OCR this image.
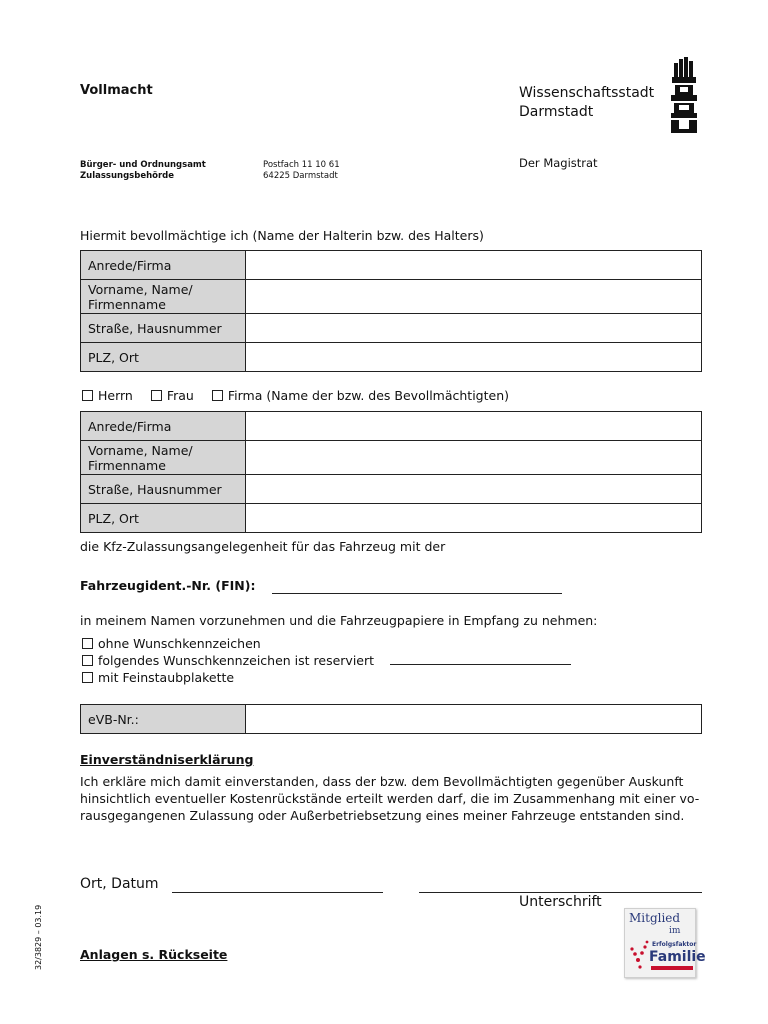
Vollmacht	Wissenschaftsstadt
Darmstadt
Bürger- und Ordnungsamt
Zulassungsbehörde
Postfach 11 10 61
64225 Darmstadt
Der Magistrat
Hiermit bevollmächtige ich (Name der Halterin bzw. des Halters)
Anrede/Firma	

Vorname, Name/
Firmenname	

Straße, Hausnummer	
PLZ, Ort	
Herrn	Frau	Firma (Name der bzw. des Bevollmächtigten)
Anrede/Firma	

Vorname, Name/
Firmenname	

Straße, Hausnummer	
PLZ, Ort	
die Kfz-Zulassungsangelegenheit für das Fahrzeug mit der
Fahrzeugident.-Nr. (FIN):
in meinem Namen vorzunehmen und die Fahrzeugpapiere in Empfang zu nehmen:
ohne Wunschkennzeichen
folgendes Wunschkennzeichen ist reserviert
mit Feinstaubplakette
eVB-Nr.:	
Einverständniserklärung
Ich erkläre mich damit einverstanden, dass der bzw. dem Bevollmächtigten gegenüber Auskunft
hinsichtlich eventueller Kostenrückstände erteilt werden darf, die im Zusammenhang mit einer vo-
rausgegangenen Zulassung oder Außerbetriebsetzung eines meiner Fahrzeuge entstanden sind.
Ort, Datum
Unterschrift
32/3829 – 03.19	Anlagen s. Rückseite
Mitglied
im
Erfolgsfaktor
Familie
